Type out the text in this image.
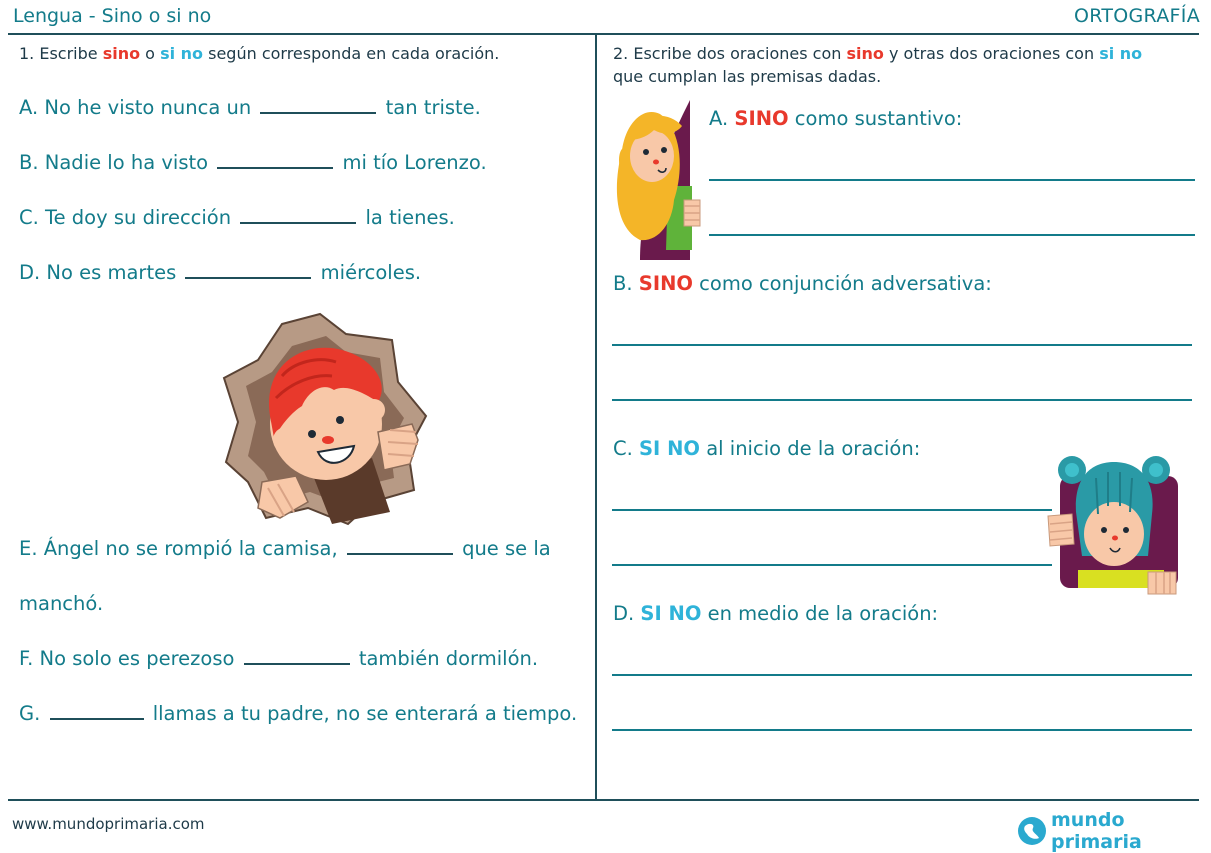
Lengua - Sino o si no	ORTOGRAFÍA
1. Escribe sino o si no según corresponda en cada oración.
A. No he visto nunca un	tan triste.
B. Nadie lo ha visto	mi tío Lorenzo.
C. Te doy su dirección	la tienes.
D. No es martes	miércoles.
E. Ángel no se rompió la camisa,	que se la
manchó.
F. No solo es perezoso	también dormilón.
G.	llamas a tu padre, no se enterará a tiempo.
2. Escribe dos oraciones con sino y otras dos oraciones con si no
que cumplan las premisas dadas.
A. SINO como sustantivo:
B. SINO como conjunción adversativa:
C. SI NO al inicio de la oración:
D. SI NO en medio de la oración:
www.mundoprimaria.com	mundo primaria
